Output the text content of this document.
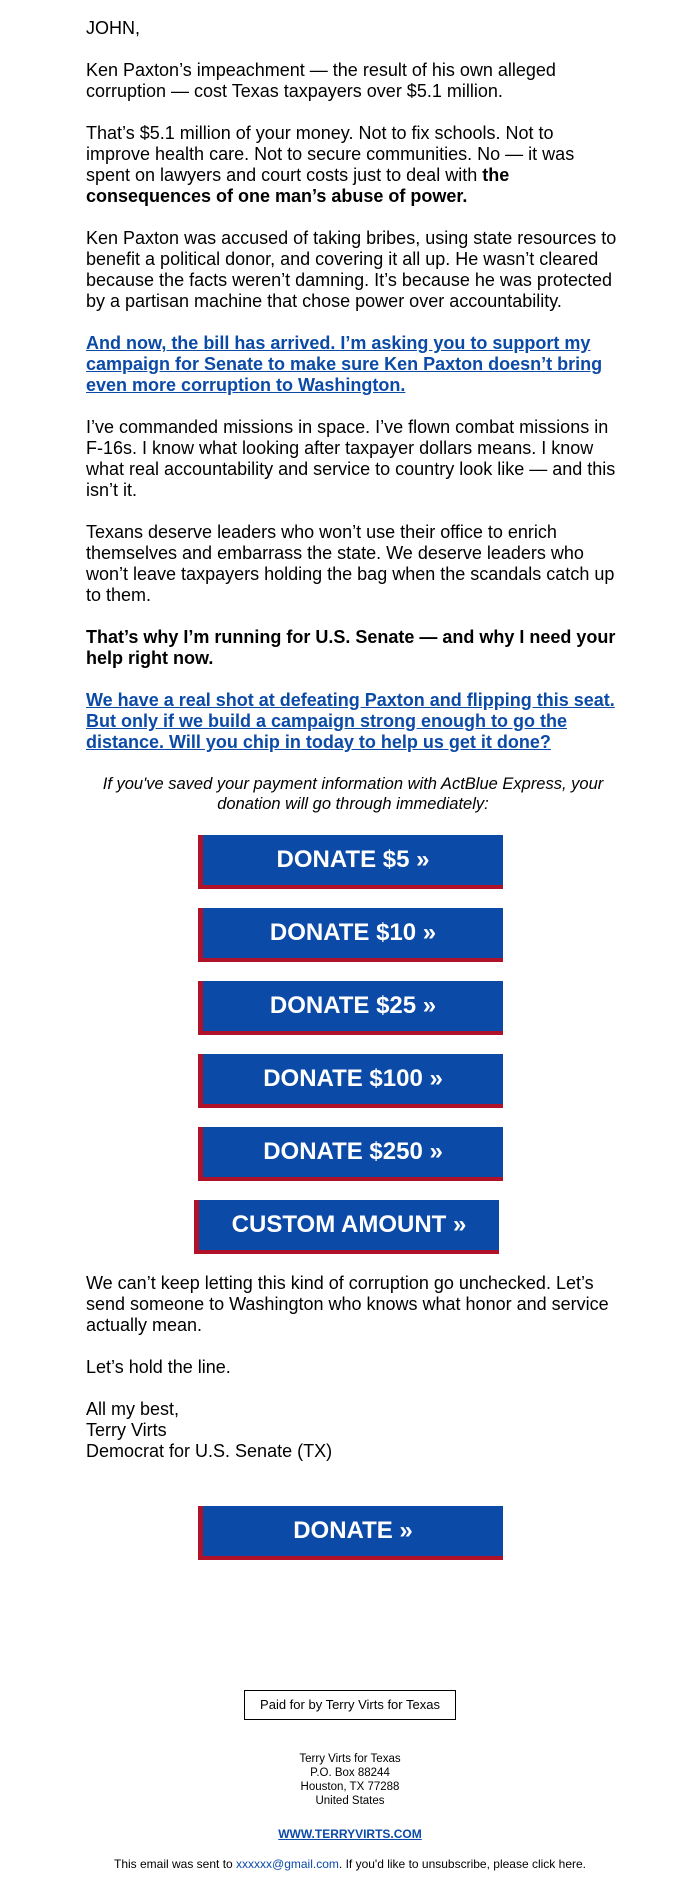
JOHN,

Ken Paxton’s impeachment — the result of his own alleged corruption — cost Texas taxpayers over $5.1 million.

That’s $5.1 million of your money. Not to fix schools. Not to improve health care. Not to secure communities. No — it was spent on lawyers and court costs just to deal with the consequences of one man’s abuse of power.

Ken Paxton was accused of taking bribes, using state resources to benefit a political donor, and covering it all up. He wasn’t cleared because the facts weren’t damning. It’s because he was protected by a partisan machine that chose power over accountability.

And now, the bill has arrived. I’m asking you to support my campaign for Senate to make sure Ken Paxton doesn’t bring even more corruption to Washington.

I’ve commanded missions in space. I’ve flown combat missions in F-16s. I know what looking after taxpayer dollars means. I know what real accountability and service to country look like — and this isn’t it.

Texans deserve leaders who won’t use their office to enrich themselves and embarrass the state. We deserve leaders who won’t leave taxpayers holding the bag when the scandals catch up to them.

That’s why I’m running for U.S. Senate — and why I need your help right now.

We have a real shot at defeating Paxton and flipping this seat. But only if we build a campaign strong enough to go the distance. Will you chip in today to help us get it done?

If you've saved your payment information with ActBlue Express, your donation will go through immediately:

DONATE $5 »
DONATE $10 »
DONATE $25 »
DONATE $100 »
DONATE $250 »
CUSTOM AMOUNT »

We can’t keep letting this kind of corruption go unchecked. Let’s send someone to Washington who knows what honor and service actually mean.

Let’s hold the line.

All my best,

Terry Virts

Democrat for U.S. Senate (TX)

DONATE »
Paid for by Terry Virts for Texas
Terry Virts for Texas
P.O. Box 88244
Houston, TX 77288
United States
WWW.TERRYVIRTS.COM
This email was sent to xxxxxx@gmail.com. If you'd like to unsubscribe, please click here.
